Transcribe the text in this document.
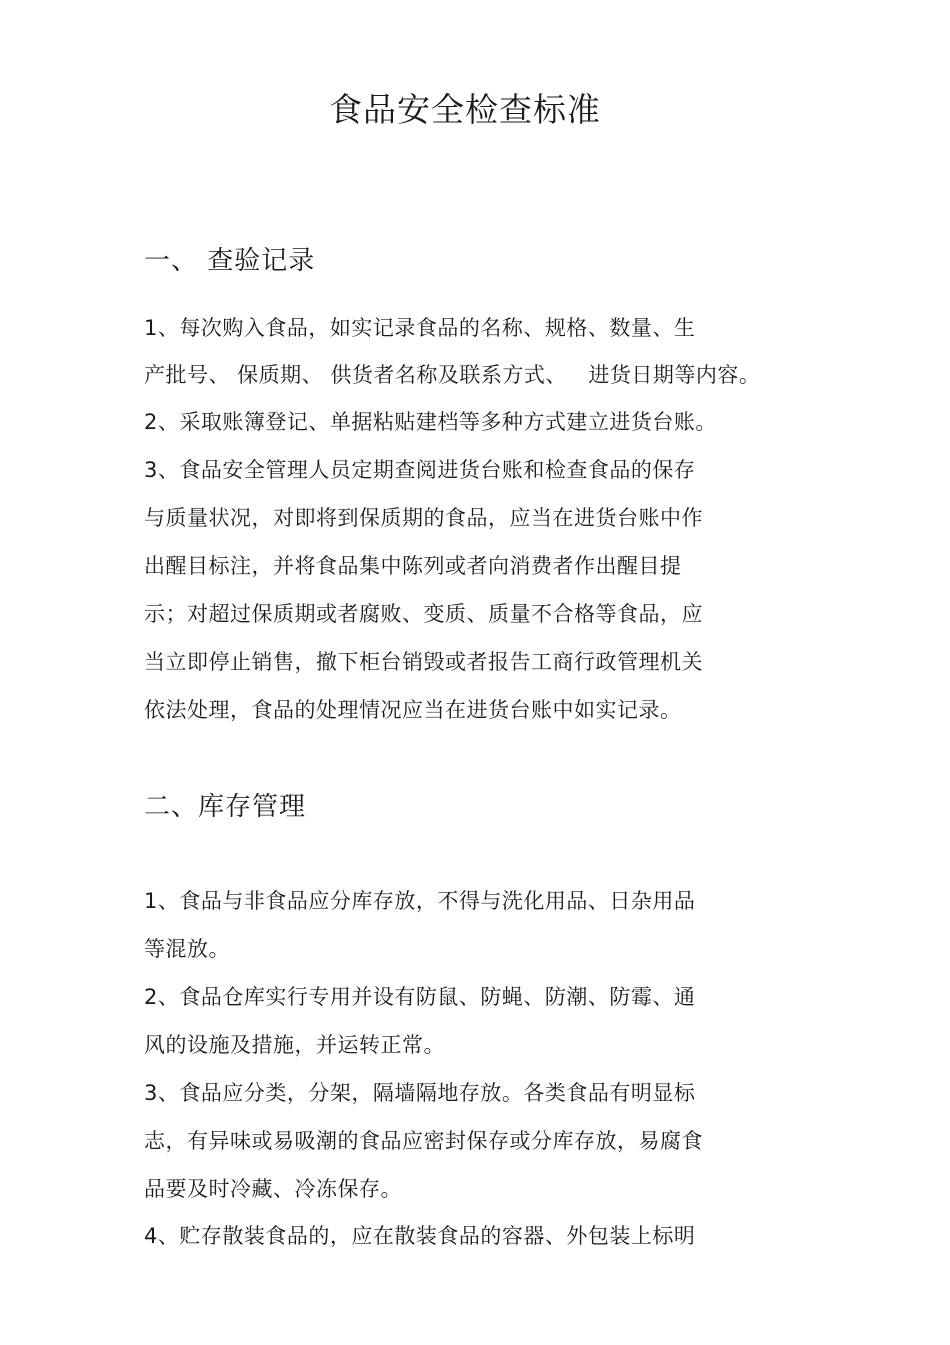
食品安全检查标准
一、 查验记录
1、每次购入食品，如实记录食品的名称、规格、数量、生
产批号、 保质期、 供货者名称及联系方式、   进货日期等内容。
2、采取账簿登记、单据粘贴建档等多种方式建立进货台账。
3、食品安全管理人员定期查阅进货台账和检查食品的保存
与质量状况，对即将到保质期的食品，应当在进货台账中作
出醒目标注，并将食品集中陈列或者向消费者作出醒目提
示；对超过保质期或者腐败、变质、质量不合格等食品，应
当立即停止销售，撤下柜台销毁或者报告工商行政管理机关
依法处理，食品的处理情况应当在进货台账中如实记录。
二、库存管理
1、食品与非食品应分库存放，不得与洗化用品、日杂用品
等混放。
2、食品仓库实行专用并设有防鼠、防蝇、防潮、防霉、通
风的设施及措施，并运转正常。
3、食品应分类，分架，隔墙隔地存放。各类食品有明显标
志，有异味或易吸潮的食品应密封保存或分库存放，易腐食
品要及时冷藏、冷冻保存。
4、贮存散装食品的，应在散装食品的容器、外包装上标明
